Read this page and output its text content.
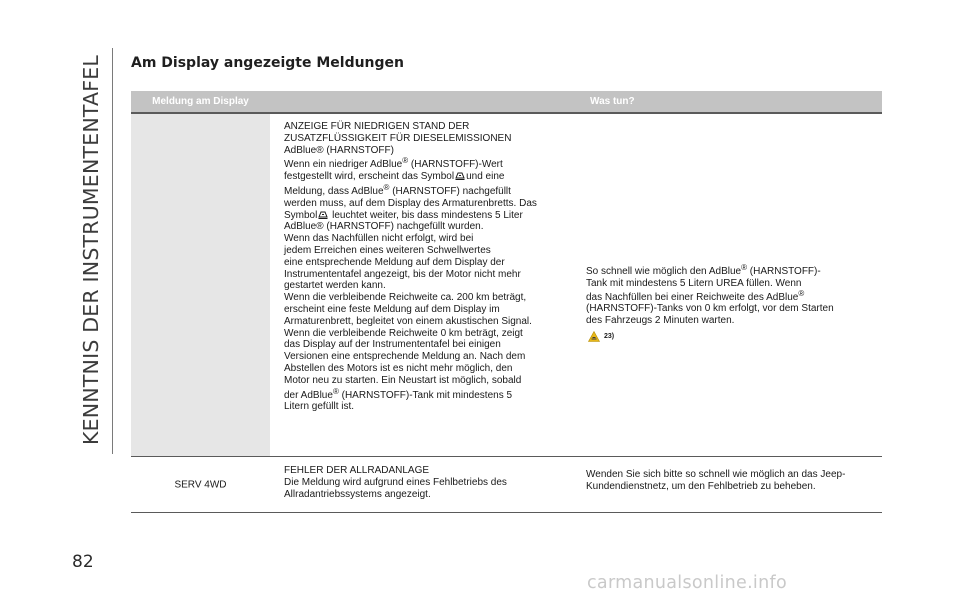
KENNTNIS DER INSTRUMENTENTAFEL Am Display angezeigte Meldungen
Meldung am Display	Was tun?
ANZEIGE FÜR NIEDRIGEN STAND DER
ZUSATZFLÜSSIGKEIT FÜR DIESELEMISSIONEN
AdBlue® (HARNSTOFF)
Wenn ein niedriger AdBlue® (HARNSTOFF)-Wert
festgestellt wird, erscheint das Symbol und eine
Meldung, dass AdBlue® (HARNSTOFF) nachgefüllt
werden muss, auf dem Display des Armaturenbretts. Das
Symbol leuchtet weiter, bis dass mindestens 5 Liter
AdBlue® (HARNSTOFF) nachgefüllt wurden.
Wenn das Nachfüllen nicht erfolgt, wird bei
jedem Erreichen eines weiteren Schwellwertes
eine entsprechende Meldung auf dem Display der
Instrumententafel angezeigt, bis der Motor nicht mehr
gestartet werden kann.
Wenn die verbleibende Reichweite ca. 200 km beträgt,
erscheint eine feste Meldung auf dem Display im
Armaturenbrett, begleitet von einem akustischen Signal.
Wenn die verbleibende Reichweite 0 km beträgt, zeigt
das Display auf der Instrumententafel bei einigen
Versionen eine entsprechende Meldung an. Nach dem
Abstellen des Motors ist es nicht mehr möglich, den
Motor neu zu starten. Ein Neustart ist möglich, sobald
der AdBlue® (HARNSTOFF)-Tank mit mindestens 5
Litern gefüllt ist.
So schnell wie möglich den AdBlue® (HARNSTOFF)-
Tank mit mindestens 5 Litern UREA füllen. Wenn
das Nachfüllen bei einer Reichweite des AdBlue®
(HARNSTOFF)-Tanks von 0 km erfolgt, vor dem Starten
des Fahrzeugs 2 Minuten warten.
23)
SERV 4WD
FEHLER DER ALLRADANLAGE
Die Meldung wird aufgrund eines Fehlbetriebs des
Allradantriebssystems angezeigt.
Wenden Sie sich bitte so schnell wie möglich an das Jeep-
Kundendienstnetz, um den Fehlbetrieb zu beheben.
82
carmanualsonline.info
